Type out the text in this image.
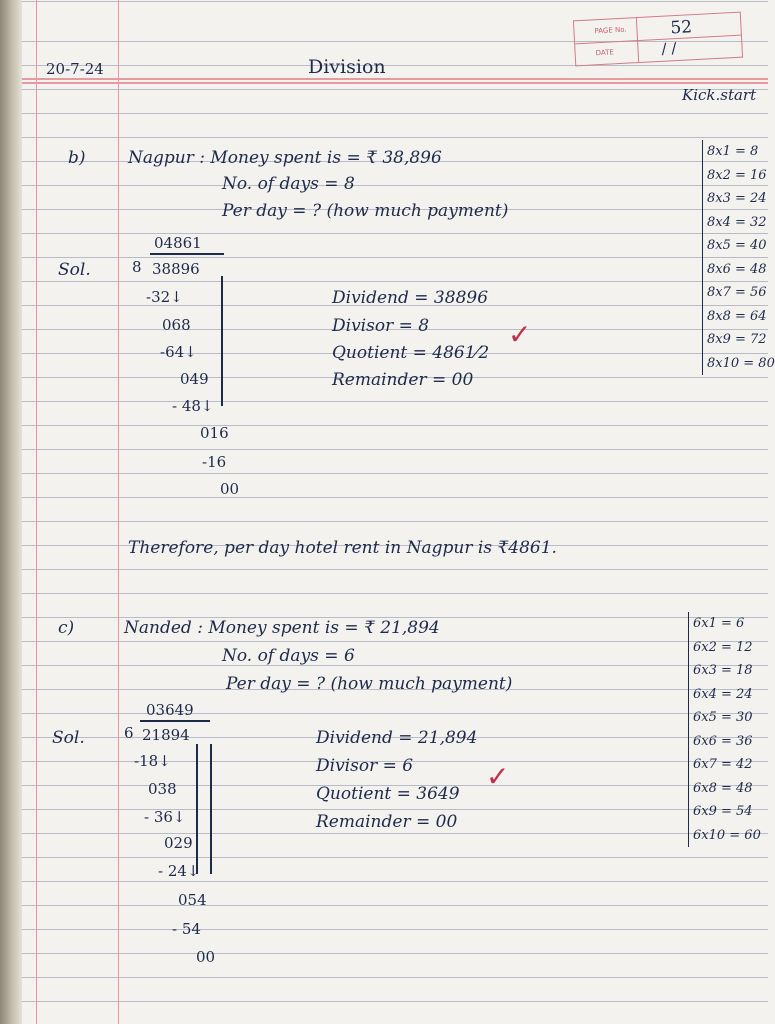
20-7-24	Division
PAGE No.
DATE
52
/ /
Kick.start
b) Nagpur : Money spent is = ₹ 38,896
No. of days = 8
Per day = ? (how much payment)
04861
Sol.	8 38896
-32↓
068
-64↓
049
- 48↓
016
-16
00
Dividend = 38896
Divisor = 8
Quotient = 4861⁄2
Remainder = 00
✓
Therefore, per day hotel rent in Nagpur is ₹4861.
8x1 = 8
8x2 = 16
8x3 = 24
8x4 = 32
8x5 = 40
8x6 = 48
8x7 = 56
8x8 = 64
8x9 = 72
8x10 = 80
c)	Nanded : Money spent is = ₹ 21,894
No. of days = 6
Per day = ? (how much payment)
03649
Sol.	6 21894
-18↓
038
- 36↓
029
- 24↓
054
- 54
00
Dividend = 21,894
Divisor = 6
Quotient = 3649
Remainder = 00
✓
6x1 = 6
6x2 = 12
6x3 = 18
6x4 = 24
6x5 = 30
6x6 = 36
6x7 = 42
6x8 = 48
6x9 = 54
6x10 = 60
